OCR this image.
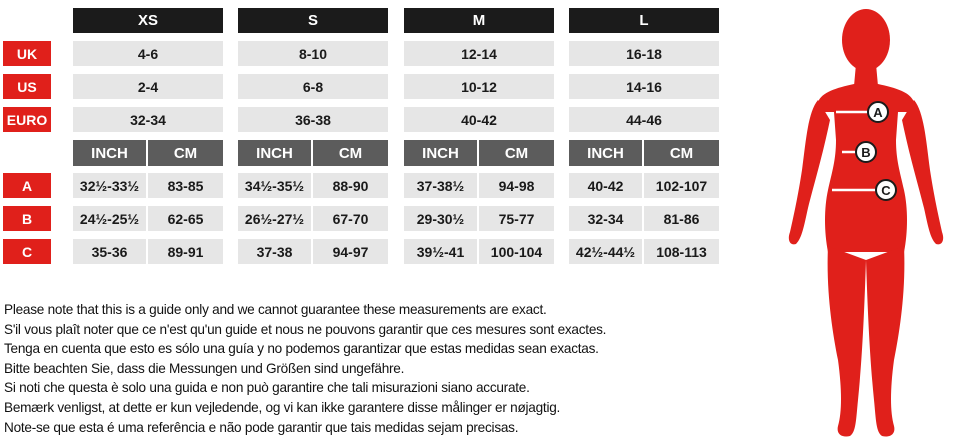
XS	S	M	L
UK	4-6	8-10	12-14	16-18
US	2-4	6-8	10-12	14-16
EURO	32-34	36-38	40-42	44-46
INCH	CM	INCH	CM	INCH	CM	INCH	CM
A	32½-33½	83-85	34½-35½	88-90	37-38½	94-98	40-42	102-107
B	24½-25½	62-65	26½-27½	67-70	29-30½	75-77	32-34	81-86
C	35-36	89-91	37-38	94-97	39½-41	100-104	42½-44½	108-113
Please note that this is a guide only and we cannot guarantee these measurements are exact.
S'il vous plaît noter que ce n'est qu'un guide et nous ne pouvons garantir que ces mesures sont exactes.
Tenga en cuenta que esto es sólo una guía y no podemos garantizar que estas medidas sean exactas.
Bitte beachten Sie, dass die Messungen und Größen sind ungefähre.
Si noti che questa è solo una guida e non può garantire che tali misurazioni siano accurate.
Bemærk venligst, at dette er kun vejledende, og vi kan ikke garantere disse målinger er nøjagtig.
Note-se que esta é uma referência e não pode garantir que tais medidas sejam precisas.
A
B
C
